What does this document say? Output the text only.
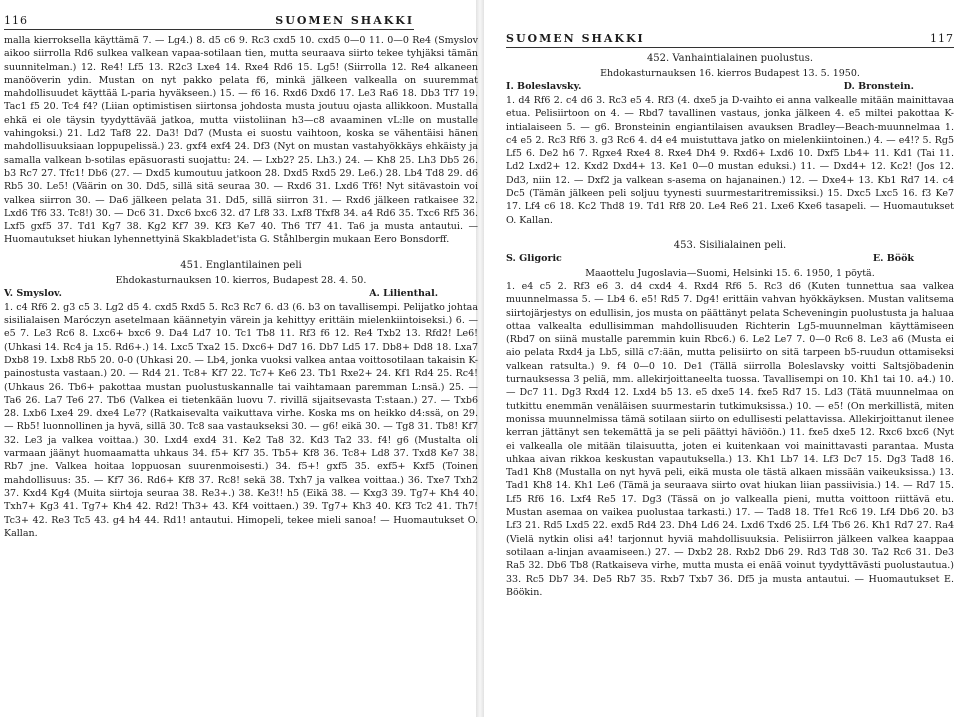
116	SUOMEN SHAKKI

malla kierroksella käyttämä 7. — Lg4.) 8. d5 c6 9. Rc3 cxd5 10. cxd5 0—0 11. 0—0 Re4 (Smyslov aikoo siirrolla Rd6 sulkea valkean vapaa-sotilaan tien, mutta seuraava siirto tekee tyhjäksi tämän suunnitelman.) 12. Re4! Lf5 13. R2c3 Lxe4 14. Rxe4 Rd6 15. Lg5! (Siirrolla 12. Re4 alkaneen manööverin ydin. Mustan on nyt pakko pelata f6, minkä jälkeen valkealla on suuremmat mahdollisuudet käyttää L-paria hyväkseen.) 15. — f6 16. Rxd6 Dxd6 17. Le3 Ra6 18. Db3 Tf7 19. Tac1 f5 20. Tc4 f4? (Liian optimistisen siirtonsa johdosta musta joutuu ojasta allikkoon. Mustalla ehkä ei ole täysin tyydyttävää jatkoa, mutta viistoliinan h3—c8 avaaminen vL:lle on mustalle vahingoksi.) 21. Ld2 Taf8 22. Da3! Dd7 (Musta ei suostu vaihtoon, koska se vähentäisi hänen mahdollisuuksiaan loppupelissä.) 23. gxf4 exf4 24. Df3 (Nyt on mustan vastahyökkäys ehkäisty ja samalla valkean b-sotilas epäsuorasti suojattu: 24. — Lxb2? 25. Lh3.) 24. — Kh8 25. Lh3 Db5 26. b3 Rc7 27. Tfc1! Db6 (27. — Dxd5 kumoutuu jatkoon 28. Dxd5 Rxd5 29. Le6.) 28. Lb4 Td8 29. d6 Rb5 30. Le5! (Väärin on 30. Dd5, sillä sitä seuraa 30. — Rxd6 31. Lxd6 Tf6! Nyt sitävastoin voi valkea siirron 30. — Da6 jälkeen pelata 31. Dd5, sillä siirron 31. — Rxd6 jälkeen ratkaisee 32. Lxd6 Tf6 33. Tc8!) 30. — Dc6 31. Dxc6 bxc6 32. d7 Lf8 33. Lxf8 Tfxf8 34. a4 Rd6 35. Txc6 Rf5 36. Lxf5 gxf5 37. Td1 Kg7 38. Kg2 Kf7 39. Kf3 Ke7 40. Th6 Tf7 41. Ta6 ja musta antautui. — Huomautukset hiukan lyhennettyinä Skakbladet'ista G. Ståhlbergin mukaan Eero Bonsdorff.

451. Englantilainen peli

Ehdokasturnauksen 10. kierros, Budapest 28. 4. 50.

V. Smyslov.	A. Lilienthal.

1. c4 Rf6 2. g3 c5 3. Lg2 d5 4. cxd5 Rxd5 5. Rc3 Rc7 6. d3 (6. b3 on tavallisempi. Pelijatko johtaa sisilialaisen Maróczyn asetelmaan käännetyin värein ja kehittyy erittäin mielenkiintoiseksi.) 6. — e5 7. Le3 Rc6 8. Lxc6+ bxc6 9. Da4 Ld7 10. Tc1 Tb8 11. Rf3 f6 12. Re4 Txb2 13. Rfd2! Le6! (Uhkasi 14. Rc4 ja 15. Rd6+.) 14. Lxc5 Txa2 15. Dxc6+ Dd7 16. Db7 Ld5 17. Db8+ Dd8 18. Lxa7 Dxb8 19. Lxb8 Rb5 20. 0-0 (Uhkasi 20. — Lb4, jonka vuoksi valkea antaa voittosotilaan takaisin K-painostusta vastaan.) 20. — Rd4 21. Tc8+ Kf7 22. Tc7+ Ke6 23. Tb1 Rxe2+ 24. Kf1 Rd4 25. Rc4! (Uhkaus 26. Tb6+ pakottaa mustan puolustuskannalle tai vaihtamaan paremman L:nsä.) 25. — Ta6 26. La7 Te6 27. Tb6 (Valkea ei tietenkään luovu 7. rivillä sijaitsevasta T:staan.) 27. — Txb6 28. Lxb6 Lxe4 29. dxe4 Le7? (Ratkaisevalta vaikuttava virhe. Koska ms on heikko d4:ssä, on 29. — Rb5! luonnollinen ja hyvä, sillä 30. Tc8 saa vastaukseksi 30. — g6! eikä 30. — Tg8 31. Tb8! Kf7 32. Le3 ja valkea voittaa.) 30. Lxd4 exd4 31. Ke2 Ta8 32. Kd3 Ta2 33. f4! g6 (Mustalta oli varmaan jäänyt huomaamatta uhkaus 34. f5+ Kf7 35. Tb5+ Kf8 36. Tc8+ Ld8 37. Txd8 Ke7 38. Rb7 jne. Valkea hoitaa loppuosan suurenmoisesti.) 34. f5+! gxf5 35. exf5+ Kxf5 (Toinen mahdollisuus: 35. — Kf7 36. Rd6+ Kf8 37. Rc8! sekä 38. Txh7 ja valkea voittaa.) 36. Txe7 Txh2 37. Kxd4 Kg4 (Muita siirtoja seuraa 38. Re3+.) 38. Ke3!! h5 (Eikä 38. — Kxg3 39. Tg7+ Kh4 40. Txh7+ Kg3 41. Tg7+ Kh4 42. Rd2! Th3+ 43. Kf4 voittaen.) 39. Tg7+ Kh3 40. Kf3 Tc2 41. Th7! Tc3+ 42. Re3 Tc5 43. g4 h4 44. Rd1! antautui. Himopeli, tekee mieli sanoa! — Huomautukset O. Kallan.

SUOMEN SHAKKI	117

452. Vanhaintialainen puolustus.

Ehdokasturnauksen 16. kierros Budapest 13. 5. 1950.

I. Boleslavsky.	D. Bronstein.

1. d4 Rf6 2. c4 d6 3. Rc3 e5 4. Rf3 (4. dxe5 ja D-vaihto ei anna valkealle mitään mainittavaa etua. Pelisiirtoon on 4. — Rbd7 tavallinen vastaus, jonka jälkeen 4. e5 miltei pakottaa K-intialaiseen 5. — g6. Bronsteinin engiantilaisen avauksen Bradley—Beach-muunnelmaa 1. c4 e5 2. Rc3 Rf6 3. g3 Rc6 4. d4 e4 muistuttava jatko on mielenkiintoinen.) 4. — e4!? 5. Rg5 Lf5 6. De2 h6 7. Rgxe4 Rxe4 8. Rxe4 Dh4 9. Rxd6+ Lxd6 10. Dxf5 Lb4+ 11. Kd1 (Tai 11. Ld2 Lxd2+ 12. Kxd2 Dxd4+ 13. Ke1 0—0 mustan eduksi.) 11. — Dxd4+ 12. Kc2! (Jos 12. Dd3, niin 12. — Dxf2 ja valkean s-asema on hajanainen.) 12. — Dxe4+ 13. Kb1 Rd7 14. c4 Dc5 (Tämän jälkeen peli soljuu tyynesti suurmestaritremissiksi.) 15. Dxc5 Lxc5 16. f3 Ke7 17. Lf4 c6 18. Kc2 Thd8 19. Td1 Rf8 20. Le4 Re6 21. Lxe6 Kxe6 tasapeli. — Huomautukset O. Kallan.

453. Sisilialainen peli.

S. Gligoric	E. Böök

Maaottelu Jugoslavia—Suomi, Helsinki 15. 6. 1950, 1 pöytä.

1. e4 c5 2. Rf3 e6 3. d4 cxd4 4. Rxd4 Rf6 5. Rc3 d6 (Kuten tunnettua saa valkea muunnelmassa 5. — Lb4 6. e5! Rd5 7. Dg4! erittäin vahvan hyökkäyksen. Mustan valitsema siirtojärjestys on edullisin, jos musta on päättänyt pelata Scheveningin puolustusta ja haluaa ottaa valkealta edullisimman mahdollisuuden Richterin Lg5-muunnelman käyttämiseen (Rbd7 on siinä mustalle paremmin kuin Rbc6.) 6. Le2 Le7 7. 0—0 Rc6 8. Le3 a6 (Musta ei aio pelata Rxd4 ja Lb5, sillä c7:ään, mutta pelisiirto on sitä tarpeen b5-ruudun ottamiseksi valkean ratsulta.) 9. f4 0—0 10. De1 (Tällä siirrolla Boleslavsky voitti Saltsjöbadenin turnauksessa 3 peliä, mm. allekirjoittaneelta tuossa. Tavallisempi on 10. Kh1 tai 10. a4.) 10. — Dc7 11. Dg3 Rxd4 12. Lxd4 b5 13. e5 dxe5 14. fxe5 Rd7 15. Ld3 (Tätä muunnelmaa on tutkittu enemmän venäläisen suurmestarin tutkimuksissa.) 10. — e5! (On merkillistä, miten monissa muunnelmissa tämä sotilaan siirto on edullisesti pelattavissa. Allekirjoittanut ilenee kerran jättänyt sen tekemättä ja se peli päättyi häviöön.) 11. fxe5 dxe5 12. Rxc6 bxc6 (Nyt ei valkealla ole mitään tilaisuutta, joten ei kuitenkaan voi mainittavasti parantaa. Musta uhkaa aivan rikkoa keskustan vapautuksella.) 13. Kh1 Lb7 14. Lf3 Dc7 15. Dg3 Tad8 16. Tad1 Kh8 (Mustalla on nyt hyvä peli, eikä musta ole tästä alkaen missään vaikeuksissa.) 13. Tad1 Kh8 14. Kh1 Le6 (Tämä ja seuraava siirto ovat hiukan liian passiivisia.) 14. — Rd7 15. Lf5 Rf6 16. Lxf4 Re5 17. Dg3 (Tässä on jo valkealla pieni, mutta voittoon riittävä etu. Mustan asemaa on vaikea puolustaa tarkasti.) 17. — Tad8 18. Tfe1 Rc6 19. Lf4 Db6 20. b3 Lf3 21. Rd5 Lxd5 22. exd5 Rd4 23. Dh4 Ld6 24. Lxd6 Txd6 25. Lf4 Tb6 26. Kh1 Rd7 27. Ra4 (Vielä nytkin olisi a4! tarjonnut hyviä mahdollisuuksia. Pelisiirron jälkeen valkea kaappaa sotilaan a-linjan avaamiseen.) 27. — Dxb2 28. Rxb2 Db6 29. Rd3 Td8 30. Ta2 Rc6 31. De3 Ra5 32. Db6 Tb8 (Ratkaiseva virhe, mutta musta ei enää voinut tyydyttävästi puolustautua.) 33. Rc5 Db7 34. De5 Rb7 35. Rxb7 Txb7 36. Df5 ja musta antautui. — Huomautukset E. Böökin.
